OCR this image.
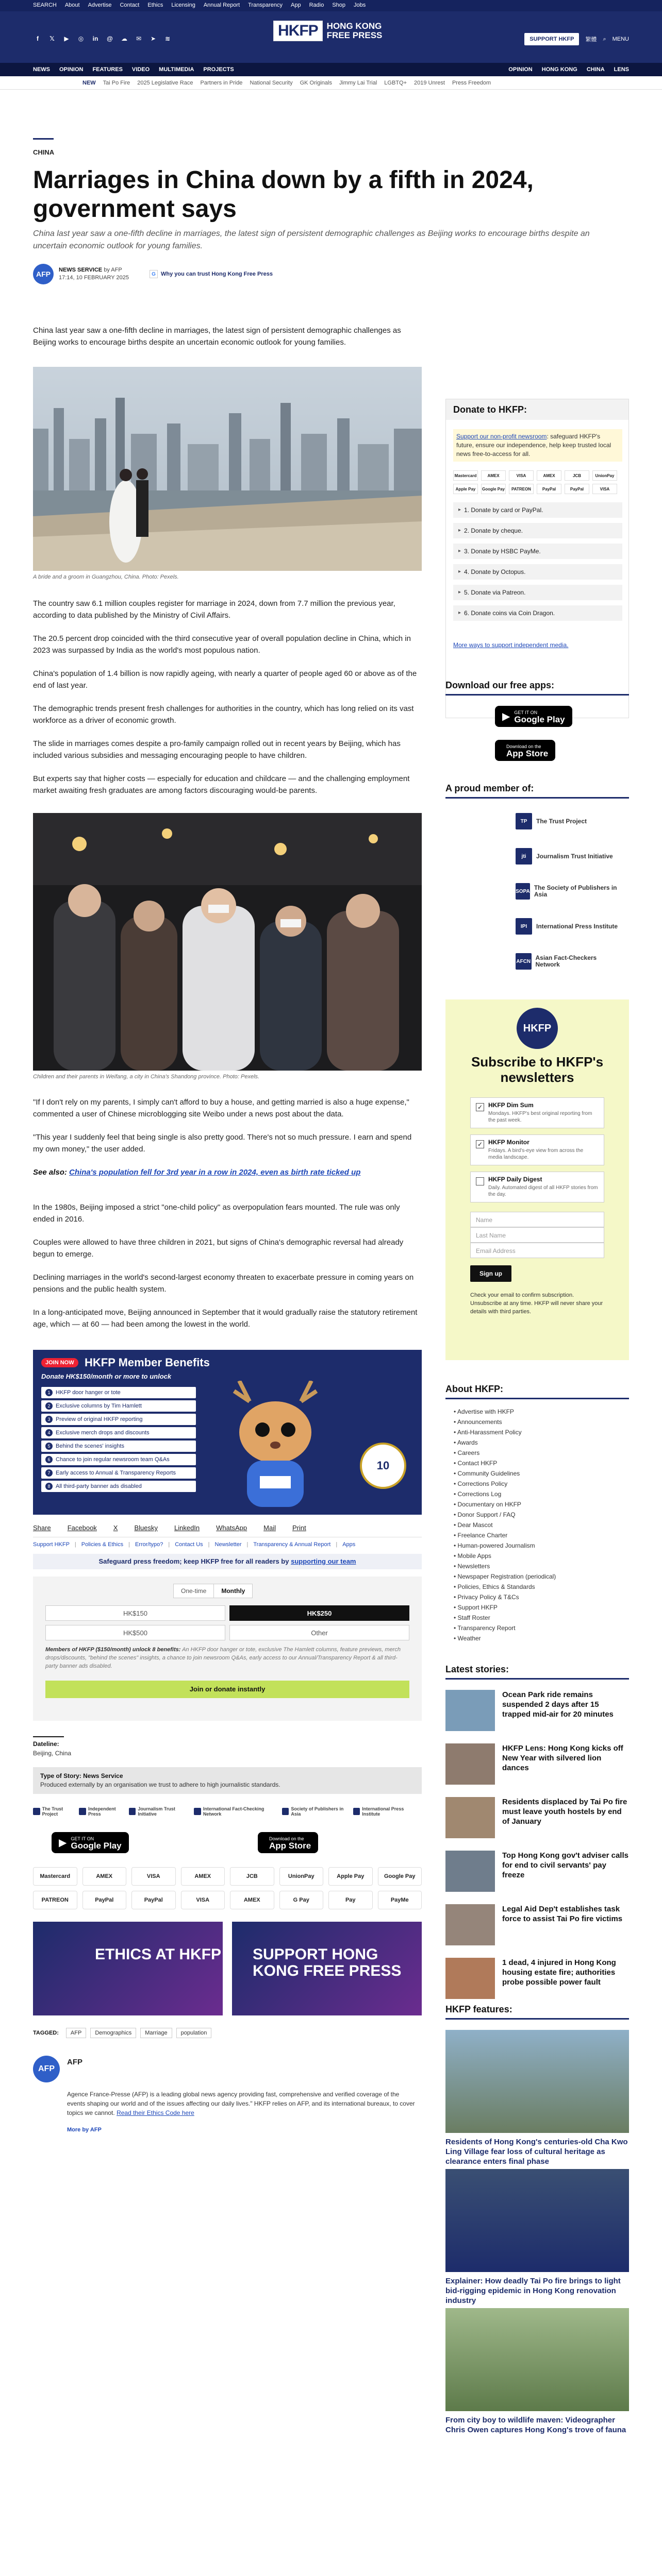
SEARCH About Advertise Contact Ethics Licensing Annual Report Transparency App Radio Shop Jobs
f	𝕏	▶	◎	in	@ ☁	✉	➤	≋	HKFP	HONG KONG
FREE PRESS	SUPPORT HKFP	繁體 ⌕ MENU
NEWS OPINION FEATURES VIDEO MULTIMEDIA PROJECTS	OPINION HONG KONG CHINA LENS
NEW Tai Po Fire 2025 Legislative Race Partners in Pride National Security GK Originals Jimmy Lai Trial LGBTQ+ 2019 Unrest Press Freedom
CHINA
Marriages in China down by a fifth in 2024, government says

China last year saw a one-fifth decline in marriages, the latest sign of persistent demographic challenges as Beijing works to encourage births despite an uncertain economic outlook for young families.

AFP	NEWS SERVICE by AFP
17:14, 10 FEBRUARY 2025
G Why you can trust Hong Kong Free Press

China last year saw a one-fifth decline in marriages, the latest sign of persistent demographic challenges as Beijing works to encourage births despite an uncertain economic outlook for young families.

A bride and a groom in Guangzhou, China. Photo: Pexels.

The country saw 6.1 million couples register for marriage in 2024, down from 7.7 million the previous year, according to data published by the Ministry of Civil Affairs.

The 20.5 percent drop coincided with the third consecutive year of overall population decline in China, which in 2023 was surpassed by India as the world's most populous nation.

China's population of 1.4 billion is now rapidly ageing, with nearly a quarter of people aged 60 or above as of the end of last year.

The demographic trends present fresh challenges for authorities in the country, which has long relied on its vast workforce as a driver of economic growth.

The slide in marriages comes despite a pro-family campaign rolled out in recent years by Beijing, which has included various subsidies and messaging encouraging people to have children.

But experts say that higher costs — especially for education and childcare — and the challenging employment market awaiting fresh graduates are among factors discouraging would-be parents.

Children and their parents in Weifang, a city in China's Shandong province. Photo: Pexels.

"If I don't rely on my parents, I simply can't afford to buy a house, and getting married is also a huge expense," commented a user of Chinese microblogging site Weibo under a news post about the data.

"This year I suddenly feel that being single is also pretty good. There's not so much pressure. I earn and spend my own money," the user added.

See also: China's population fell for 3rd year in a row in 2024, even as birth rate ticked up

In the 1980s, Beijing imposed a strict "one-child policy" as overpopulation fears mounted. The rule was only ended in 2016.

Couples were allowed to have three children in 2021, but signs of China's demographic reversal had already begun to emerge.

Declining marriages in the world's second-largest economy threaten to exacerbate pressure in coming years on pensions and the public health system.

In a long-anticipated move, Beijing announced in September that it would gradually raise the statutory retirement age, which — at 60 — had been among the lowest in the world.

JOIN NOW HKFP Member Benefits
Donate HK$150/month or more to unlock
1 HKFP door hanger or tote
2 Exclusive columns by Tim Hamlett
3 Preview of original HKFP reporting
4 Exclusive merch drops and discounts
5 Behind the scenes' insights
6 Chance to join regular newsroom team Q&As
7 Early access to Annual & Transparency Reports
8 All third-party banner ads disabled
10
Share Facebook X Bluesky LinkedIn WhatsApp Mail Print
Support HKFP | Policies & Ethics | Error/typo? | Contact Us | Newsletter | Transparency & Annual Report | Apps
Safeguard press freedom; keep HKFP free for all readers by supporting our team
One-time	Monthly
HK$150	HK$250
HK$500	Other

Members of HKFP ($150/month) unlock 8 benefits: An HKFP door hanger or tote, exclusive The Hamlett columns, feature previews, merch drops/discounts, "behind the scenes" insights, a chance to join newsroom Q&As, early access to our Annual/Transparency Report & all third-party banner ads disabled.

Join or donate instantly
Dateline:
Beijing, China
Type of Story: News Service
Produced externally by an organisation we trust to adhere to high journalistic standards.
The Trust Project
Independent Press
Journalism Trust Initiative
International Fact-Checking Network
Society of Publishers in Asia
International Press Institute
▶ GET IT ON
Google Play
Download on the
App Store
Mastercard	AMEX	VISA	AMEX	JCB	UnionPay	Apple Pay	Google Pay
PATREON	PayPal	PayPal	VISA	AMEX	G Pay	Pay	PayMe
ETHICS AT HKFP SUPPORT HONG KONG FREE PRESS
TAGGED:	AFP	Demographics	Marriage	population
AFP
AFP

Agence France-Presse (AFP) is a leading global news agency providing fast, comprehensive and verified coverage of the events shaping our world and of the issues affecting our daily lives." HKFP relies on AFP, and its international bureaux, to cover topics we cannot. Read their Ethics Code here

More by AFP
Donate to HKFP:

Support our non-profit newsroom: safeguard HKFP's future, ensure our independence, help keep trusted local news free-to-access for all.

Mastercard	AMEX	VISA	AMEX	JCB	UnionPay
Apple Pay	Google Pay	PATREON	PayPal	PayPal	VISA
▸ 1. Donate by card or PayPal.
▸ 2. Donate by cheque.
▸ 3. Donate by HSBC PayMe.
▸ 4. Donate by Octopus.
▸ 5. Donate via Patreon.
▸ 6. Donate coins via Coin Dragon.
More ways to support independent media.
Download our free apps:
▶ GET IT ON
Google Play
Download on the
App Store
A proud member of:
TP	The Trust Project
jti	Journalism Trust Initiative
SOPA The Society of Publishers in Asia
IPI	International Press Institute
AFCN Asian Fact-Checkers Network
HKFP
Subscribe to HKFP's newsletters
✓ HKFP Dim Sum
Mondays. HKFP's best original reporting from the past week.
✓ HKFP Monitor
Fridays. A bird's-eye view from across the media landscape.
HKFP Daily Digest
Daily. Automated digest of all HKFP stories from the day.
Name
Last Name
Email Address
Sign up

Check your email to confirm subscription. Unsubscribe at any time. HKFP will never share your details with third parties.

About HKFP:
• Advertise with HKFP
• Announcements
• Anti-Harassment Policy
• Awards
• Careers
• Contact HKFP
• Community Guidelines
• Corrections Policy
• Corrections Log
• Documentary on HKFP
• Donor Support / FAQ
• Dear Mascot
• Freelance Charter
• Human-powered Journalism
• Mobile Apps
• Newsletters
• Newspaper Registration (periodical)
• Policies, Ethics & Standards
• Privacy Policy & T&Cs
• Support HKFP
• Staff Roster
• Transparency Report
• Weather
Latest stories:
Ocean Park ride remains suspended 2 days after 15 trapped mid-air for 20 minutes
HKFP Lens: Hong Kong kicks off New Year with silvered lion dances
Residents displaced by Tai Po fire must leave youth hostels by end of January
Top Hong Kong gov't adviser calls for end to civil servants' pay freeze
Legal Aid Dep't establishes task force to assist Tai Po fire victims
1 dead, 4 injured in Hong Kong housing estate fire; authorities probe possible power fault
HKFP features:
Residents of Hong Kong's centuries-old Cha Kwo Ling Village fear loss of cultural heritage as clearance enters final phase
Explainer: How deadly Tai Po fire brings to light bid-rigging epidemic in Hong Kong renovation industry
From city boy to wildlife maven: Videographer Chris Owen captures Hong Kong's trove of fauna
